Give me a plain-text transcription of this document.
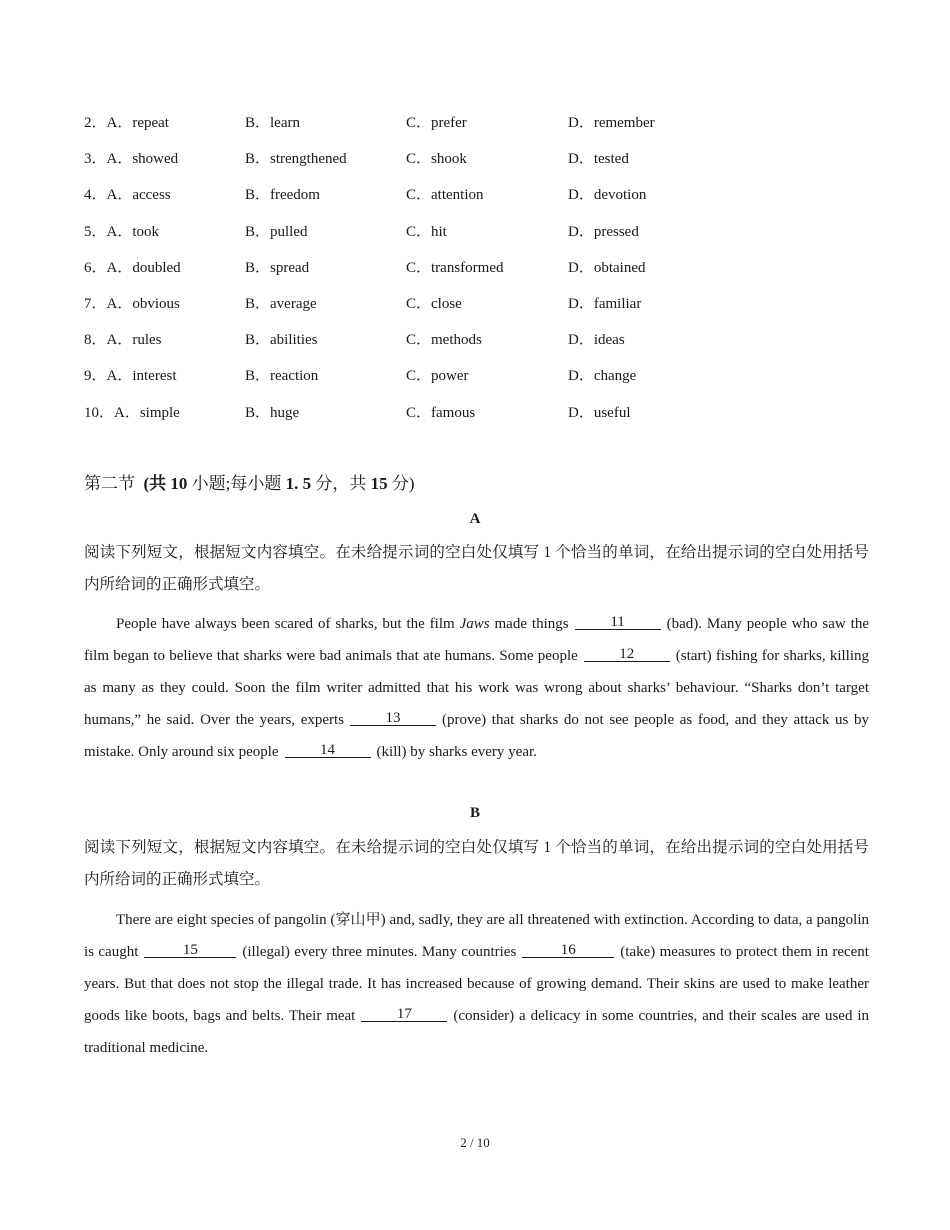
2．A．repeat	B．learn	C．prefer	D．remember
3．A．showed	B．strengthened	C．shook	D．tested
4．A．access	B．freedom	C．attention	D．devotion
5．A．took	B．pulled	C．hit	D．pressed
6．A．doubled	B．spread	C．transformed	D．obtained
7．A．obvious	B．average	C．close	D．familiar
8．A．rules	B．abilities	C．methods	D．ideas
9．A．interest	B．reaction	C．power	D．change
10．A．simple	B．huge	C．famous	D．useful
第二节 (共 10 小题;每小题 1. 5 分，共 15 分)
A
阅读下列短文，根据短文内容填空。在未给提示词的空白处仅填写 1 个恰当的单词，在给出提示词的空白处用括号内所给词的正确形式填空。
People have always been scared of sharks, but the film Jaws made things	11	(bad). Many people who saw the film began to believe that sharks were bad animals that ate humans. Some people	12	(start) fishing for sharks, killing as many as they could. Soon the film writer admitted that his work was wrong about sharks’ behaviour. “Sharks don’t target humans,” he said. Over the years, experts	13	(prove) that sharks do not see people as food, and they attack us by mistake. Only around six people	14	(kill) by sharks every year.
B
阅读下列短文，根据短文内容填空。在未给提示词的空白处仅填写 1 个恰当的单词，在给出提示词的空白处用括号内所给词的正确形式填空。
There are eight species of pangolin (穿山甲) and, sadly, they are all threatened with extinction. According to data, a pangolin is caught	15	(illegal) every three minutes. Many countries	16	(take) measures to protect them in recent years. But that does not stop the illegal trade. It has increased because of growing demand. Their skins are used to make leather goods like boots, bags and belts. Their meat	17	(consider) a delicacy in some countries, and their scales are used in traditional medicine.
2 / 10
